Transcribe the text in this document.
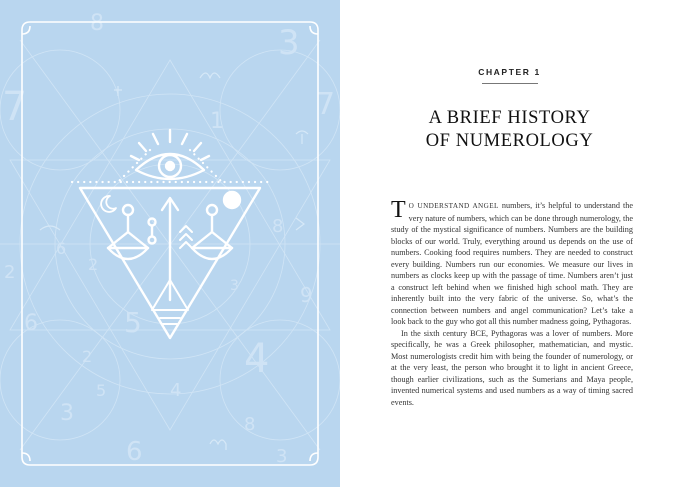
8	3
7	7
1
2
6
6
2
8
5
4
9
2
4
3
5
8
6	3
3
CHAPTER 1
A BRIEF HISTORY
OF NUMEROLOGY

T O UNDERSTAND ANGEL numbers, it’s helpful to understand the very nature of numbers, which can be done through numerology, the study of the mystical significance of numbers. Numbers are the building blocks of our world. Truly, everything around us depends on the use of numbers. Cooking food requires numbers. They are needed to construct every building. Numbers run our economies. We measure our lives in numbers as clocks keep up with the passage of time. Numbers aren’t just a construct left behind when we finished high school math. They are inherently built into the very fabric of the universe. So, what’s the connection between numbers and angel communication? Let’s take a look back to the guy who got all this number madness going, Pythagoras.

In the sixth century BCE, Pythagoras was a lover of numbers. More specifically, he was a Greek philosopher, mathematician, and mystic. Most numerologists credit him with being the founder of numerology, or at the very least, the person who brought it to light in ancient Greece, though earlier civilizations, such as the Sumerians and Maya people, invented numerical systems and used numbers as a way of timing sacred events.
